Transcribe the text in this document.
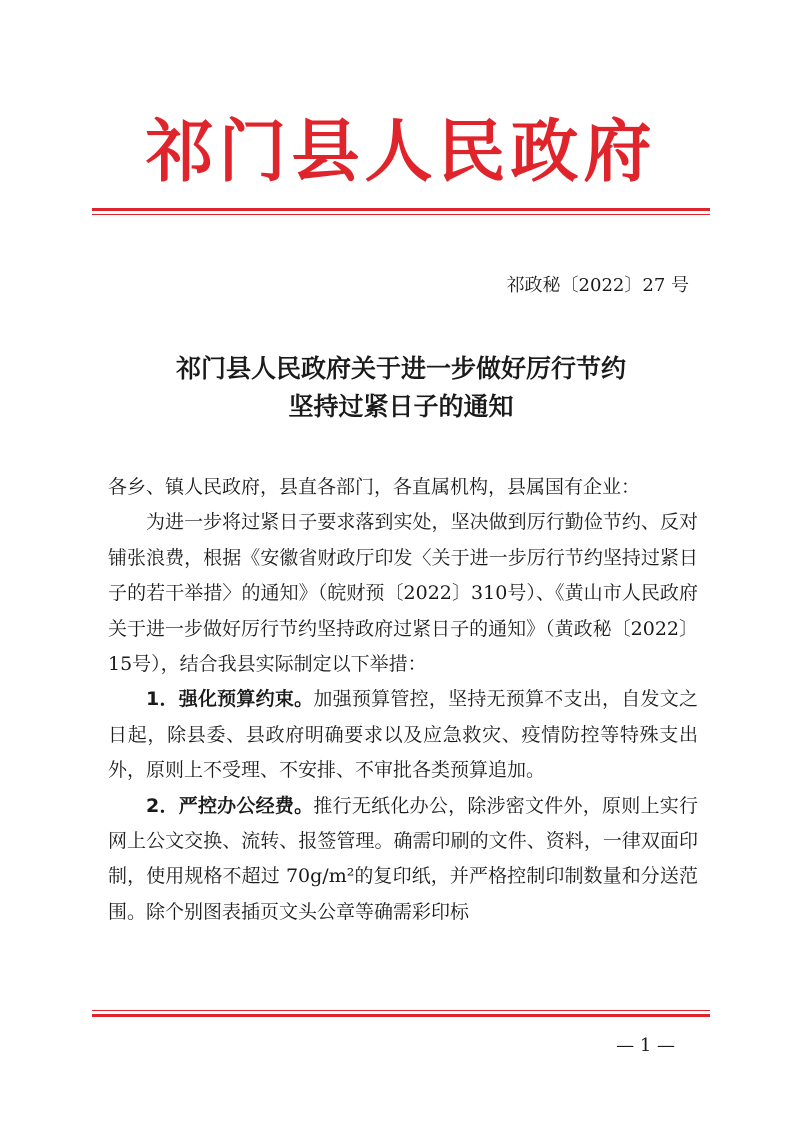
祁门县人民政府
祁政秘〔2022〕27 号
祁门县人民政府关于进一步做好厉行节约
坚持过紧日子的通知

各乡、镇人民政府，县直各部门，各直属机构，县属国有企业：

为进一步将过紧日子要求落到实处，坚决做到厉行勤俭节约、反对铺张浪费，根据《安徽省财政厅印发〈关于进一步厉行节约坚持过紧日子的若干举措〉的通知》（皖财预〔2022〕310号）、《黄山市人民政府关于进一步做好厉行节约坚持政府过紧日子的通知》（黄政秘〔2022〕15号），结合我县实际制定以下举措：

1．强化预算约束。加强预算管控，坚持无预算不支出，自发文之日起，除县委、县政府明确要求以及应急救灾、疫情防控等特殊支出外，原则上不受理、不安排、不审批各类预算追加。

2．严控办公经费。推行无纸化办公，除涉密文件外，原则上实行网上公文交换、流转、报签管理。确需印刷的文件、资料，一律双面印制，使用规格不超过 70g/m²的复印纸，并严格控制印制数量和分送范围。除个别图表插页文头公章等确需彩印标

— 1 —
